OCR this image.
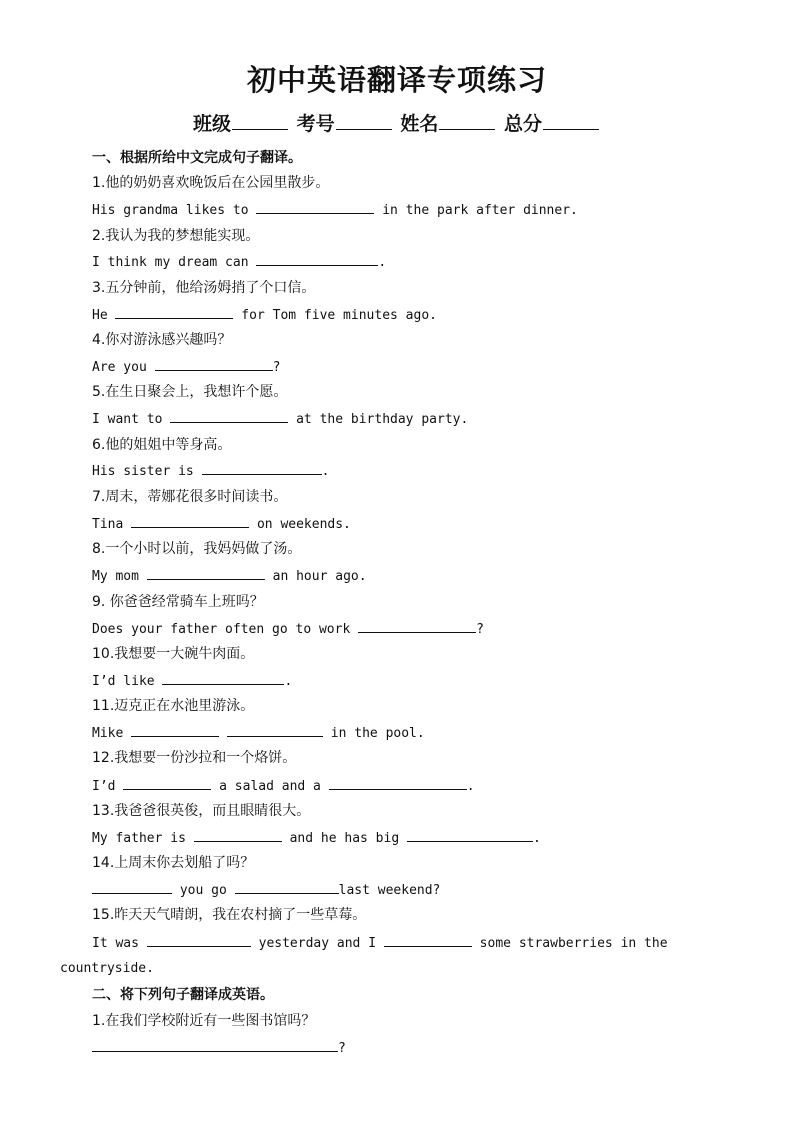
初中英语翻译专项练习
班级	考号	姓名	总分
一、根据所给中文完成句子翻译。
1.他的奶奶喜欢晚饭后在公园里散步。
His grandma likes to	in the park after dinner.
2.我认为我的梦想能实现。
I think my dream can	.
3.五分钟前，他给汤姆捎了个口信。
He	for Tom five minutes ago.
4.你对游泳感兴趣吗？
Are you	?
5.在生日聚会上，我想许个愿。
I want to	at the birthday party.
6.他的姐姐中等身高。
His sister is	.
7.周末，蒂娜花很多时间读书。
Tina	on weekends.
8.一个小时以前，我妈妈做了汤。
My mom	an hour ago.
9. 你爸爸经常骑车上班吗？
Does your father often go to work	?
10.我想要一大碗牛肉面。
I’d like	.
11.迈克正在水池里游泳。
Mike	in the pool.
12.我想要一份沙拉和一个烙饼。
I’d	a salad and a	.
13.我爸爸很英俊，而且眼睛很大。
My father is	and he has big	.
14.上周末你去划船了吗？
you go	last weekend?
15.昨天天气晴朗，我在农村摘了一些草莓。
It was	yesterday and I	some strawberries in the
countryside.
二、将下列句子翻译成英语。
1.在我们学校附近有一些图书馆吗？
?
